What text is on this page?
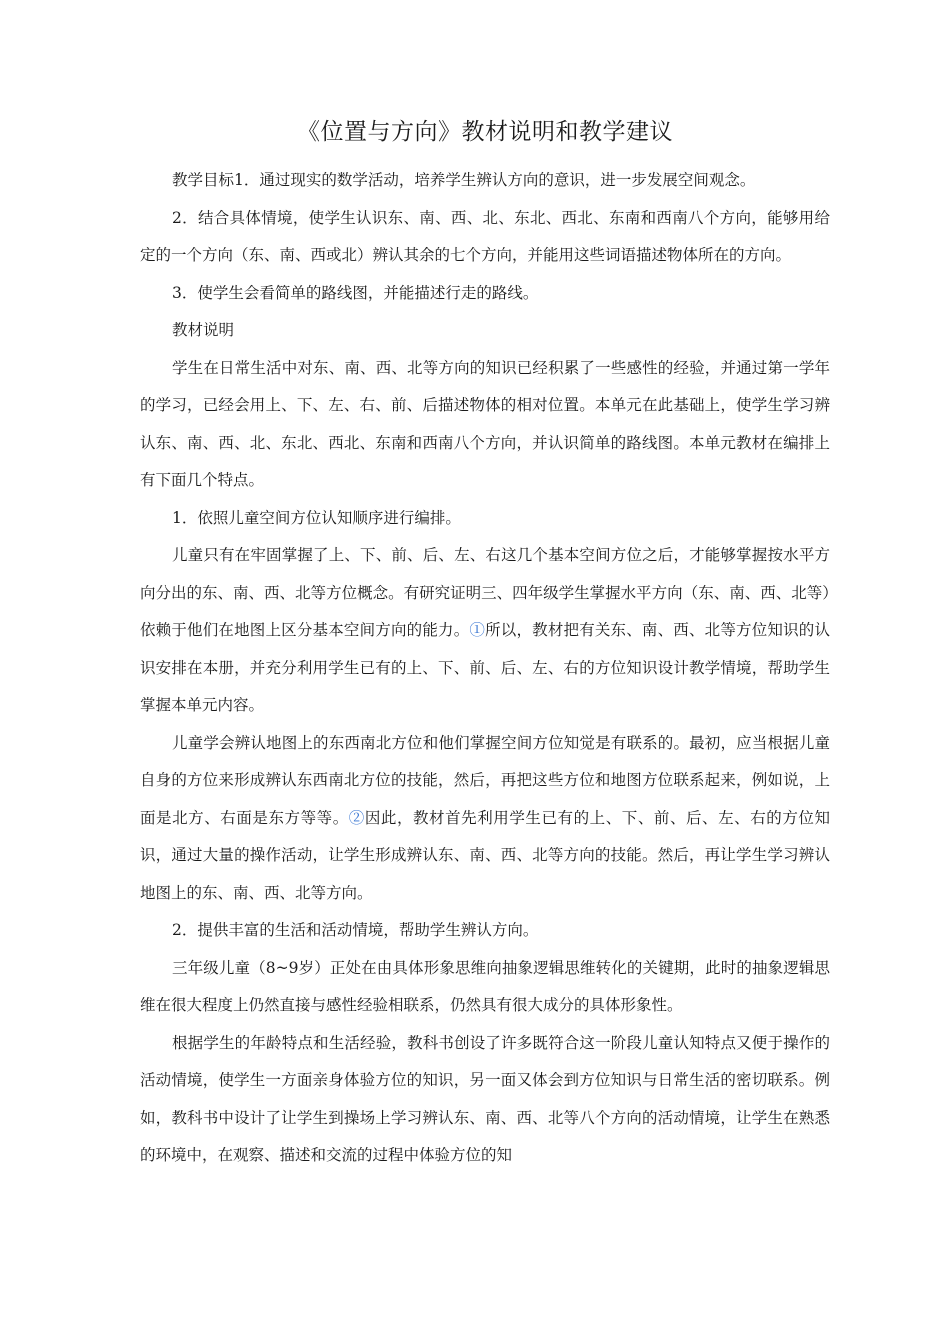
《位置与方向》教材说明和教学建议

教学目标1．通过现实的数学活动，培养学生辨认方向的意识，进一步发展空间观念。

2．结合具体情境，使学生认识东、南、西、北、东北、西北、东南和西南八个方向，能够用给定的一个方向（东、南、西或北）辨认其余的七个方向，并能用这些词语描述物体所在的方向。

3．使学生会看简单的路线图，并能描述行走的路线。

教材说明

学生在日常生活中对东、南、西、北等方向的知识已经积累了一些感性的经验，并通过第一学年的学习，已经会用上、下、左、右、前、后描述物体的相对位置。本单元在此基础上，使学生学习辨认东、南、西、北、东北、西北、东南和西南八个方向，并认识简单的路线图。本单元教材在编排上有下面几个特点。

1．依照儿童空间方位认知顺序进行编排。

儿童只有在牢固掌握了上、下、前、后、左、右这几个基本空间方位之后，才能够掌握按水平方向分出的东、南、西、北等方位概念。有研究证明三、四年级学生掌握水平方向（东、南、西、北等）依赖于他们在地图上区分基本空间方向的能力。①所以，教材把有关东、南、西、北等方位知识的认识安排在本册，并充分利用学生已有的上、下、前、后、左、右的方位知识设计教学情境，帮助学生掌握本单元内容。

儿童学会辨认地图上的东西南北方位和他们掌握空间方位知觉是有联系的。最初，应当根据儿童自身的方位来形成辨认东西南北方位的技能，然后，再把这些方位和地图方位联系起来，例如说，上面是北方、右面是东方等等。②因此，教材首先利用学生已有的上、下、前、后、左、右的方位知识，通过大量的操作活动，让学生形成辨认东、南、西、北等方向的技能。然后，再让学生学习辨认地图上的东、南、西、北等方向。

2．提供丰富的生活和活动情境，帮助学生辨认方向。

三年级儿童（8~9岁）正处在由具体形象思维向抽象逻辑思维转化的关键期，此时的抽象逻辑思维在很大程度上仍然直接与感性经验相联系，仍然具有很大成分的具体形象性。

根据学生的年龄特点和生活经验，教科书创设了许多既符合这一阶段儿童认知特点又便于操作的活动情境，使学生一方面亲身体验方位的知识，另一面又体会到方位知识与日常生活的密切联系。例如，教科书中设计了让学生到操场上学习辨认东、南、西、北等八个方向的活动情境，让学生在熟悉的环境中，在观察、描述和交流的过程中体验方位的知
